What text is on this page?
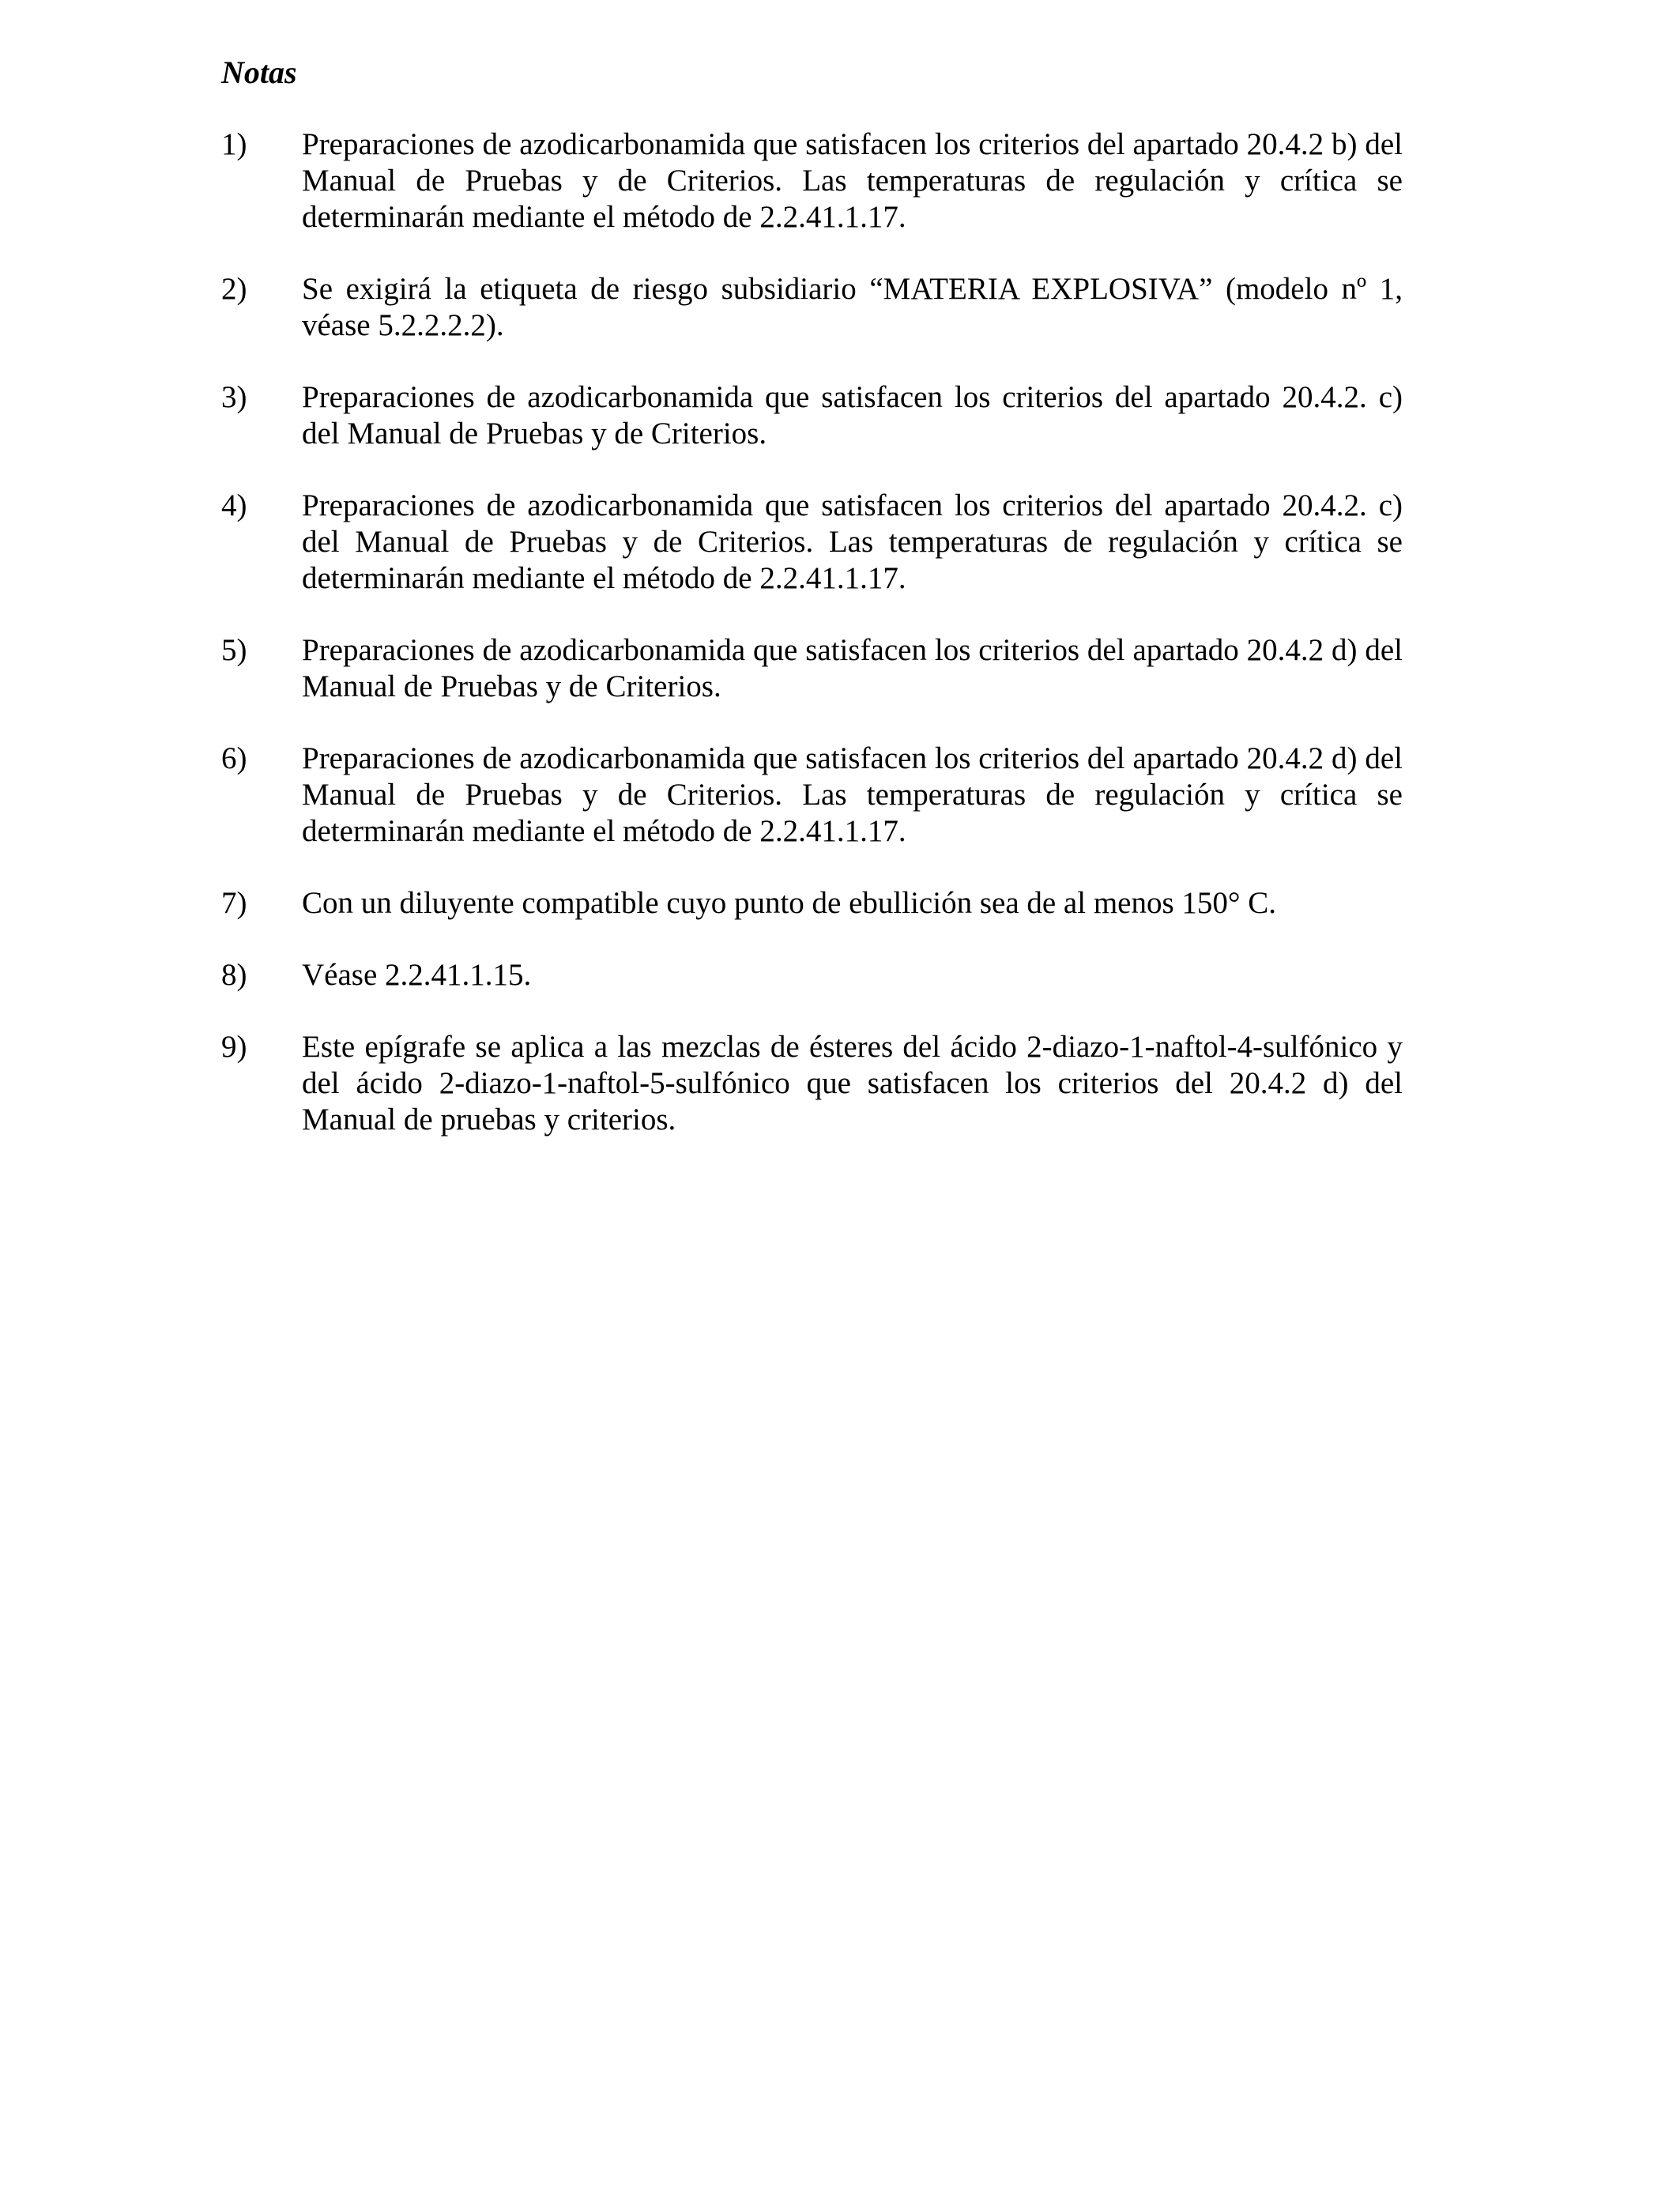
Notas
1) Preparaciones de azodicarbonamida que satisfacen los criterios del apartado 20.4.2 b) del Manual de Pruebas y de Criterios. Las temperaturas de regulación y crítica se determinarán mediante el método de 2.2.41.1.17.
2) Se exigirá la etiqueta de riesgo subsidiario “MATERIA EXPLOSIVA” (modelo nº 1, véase 5.2.2.2.2).
3) Preparaciones de azodicarbonamida que satisfacen los criterios del apartado 20.4.2. c) del Manual de Pruebas y de Criterios.
4) Preparaciones de azodicarbonamida que satisfacen los criterios del apartado 20.4.2. c) del Manual de Pruebas y de Criterios. Las temperaturas de regulación y crítica se determinarán mediante el método de 2.2.41.1.17.
5) Preparaciones de azodicarbonamida que satisfacen los criterios del apartado 20.4.2 d) del Manual de Pruebas y de Criterios.
6) Preparaciones de azodicarbonamida que satisfacen los criterios del apartado 20.4.2 d) del Manual de Pruebas y de Criterios. Las temperaturas de regulación y crítica se determinarán mediante el método de 2.2.41.1.17.
7) Con un diluyente compatible cuyo punto de ebullición sea de al menos 150° C.
8) Véase 2.2.41.1.15.
9) Este epígrafe se aplica a las mezclas de ésteres del ácido 2-diazo-1-naftol-4-sulfónico y del ácido 2-diazo-1-naftol-5-sulfónico que satisfacen los criterios del 20.4.2 d) del Manual de pruebas y criterios.
